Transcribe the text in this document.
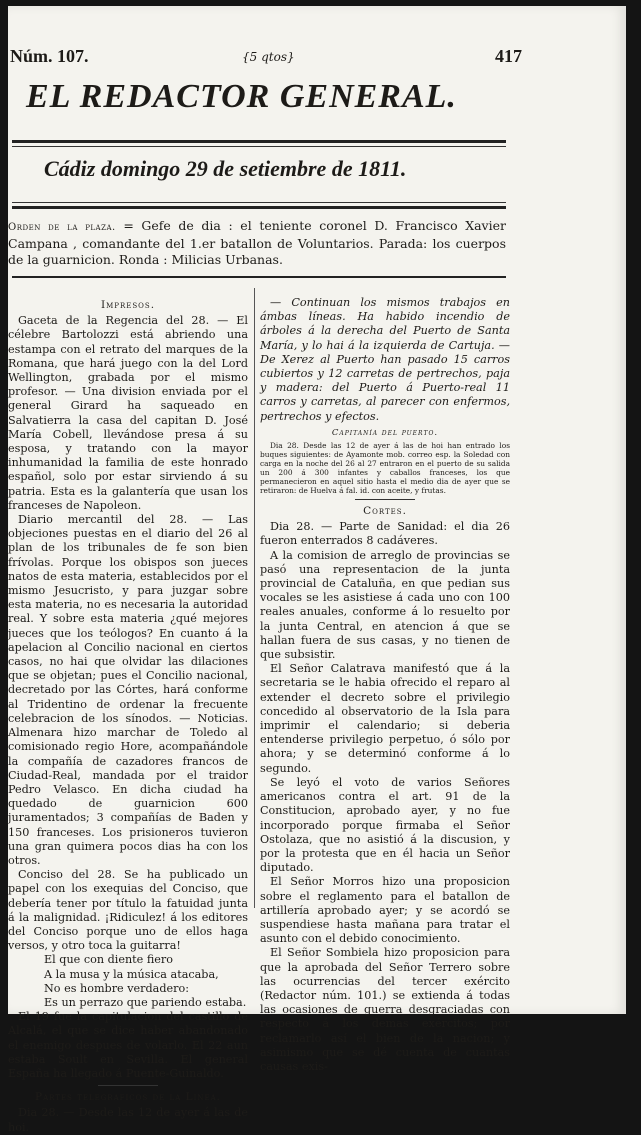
Núm. 107.	{5 qtos}	417
EL REDACTOR GENERAL.
Cádiz domingo 29 de setiembre de 1811.
Orden de la plaza. = Gefe de dia : el teniente coronel D. Francisco Xavier Campana , comandante del 1.er batallon de Voluntarios. Parada: los cuerpos de la guarnicion. Ronda : Milicias Urbanas.
Impresos.

Gaceta de la Regencia del 28. — El célebre Bartolozzi está abriendo una estampa con el retrato del marques de la Romana, que hará juego con la del Lord Wellington, grabada por el mismo profesor. — Una division enviada por el general Girard ha saqueado en Salvatierra la casa del capitan D. José María Cobell, llevándose presa á su esposa, y tratando con la mayor inhumanidad la familia de este honrado español, solo por estar sirviendo á su patria. Esta es la galantería que usan los franceses de Napoleon.

Diario mercantil del 28. — Las objeciones puestas en el diario del 26 al plan de los tribunales de fe son bien frívolas. Porque los obispos son jueces natos de esta materia, establecidos por el mismo Jesucristo, y para juzgar sobre esta materia, no es necesaria la autoridad real. Y sobre esta materia ¿qué mejores jueces que los teólogos? En cuanto á la apelacion al Concilio nacional en ciertos casos, no hai que olvidar las dilaciones que se objetan; pues el Concilio nacional, decretado por las Córtes, hará conforme al Tridentino de ordenar la frecuente celebracion de los sínodos. — Noticias. Almenara hizo marchar de Toledo al comisionado regio Hore, acompañándole la compañía de cazadores francos de Ciudad-Real, mandada por el traidor Pedro Velasco. En dicha ciudad ha quedado de guarnicion 600 juramentados; 3 compañías de Baden y 150 franceses. Los prisioneros tuvieron una gran quimera pocos dias ha con los otros.

Conciso del 28. Se ha publicado un papel con los exequias del Conciso, que debería tener por título la fatuidad junta á la malignidad. ¡Ridiculez! á los editores del Conciso porque uno de ellos haga versos, y otro toca la guitarra!

El que con diente fiero

A la musa y la música atacaba,

No es hombre verdadero:

Es un perrazo que pariendo estaba.

El 19 fue la capitulacion del castillo de Alcalá, el que se dice haber abandonado el enemigo despues de volarlo. El 22 aun estaba Soult en Sevilla. El general España ha llegado á Puente-Guinaldo.

Partes telegraficos de la Linea.

Dia 28. — Desde las 12 de ayer á las de hoi.

— Continuan los mismos trabajos en ámbas líneas. Ha habido incendio de árboles á la derecha del Puerto de Santa María, y lo hai á la izquierda de Cartuja. — De Xerez al Puerto han pasado 15 carros cubiertos y 12 carretas de pertrechos, paja y madera: del Puerto á Puerto-real 11 carros y carretas, al parecer con enfermos, pertrechos y efectos.

Capitanía del puerto.

Dia 28. Desde las 12 de ayer á las de hoi han entrado los buques siguientes: de Ayamonte mob. correo esp. la Soledad con carga en la noche del 26 al 27 entraron en el puerto de su salida un 200 á 300 infantes y caballos franceses, los que permanecieron en aquel sitio hasta el medio dia de ayer que se retiraron: de Huelva á fal. id. con aceite, y frutas.

Cortes.

Dia 28. — Parte de Sanidad: el dia 26 fueron enterrados 8 cadáveres.

A la comision de arreglo de provincias se pasó una representacion de la junta provincial de Cataluña, en que pedian sus vocales se les asistiese á cada uno con 100 reales anuales, conforme á lo resuelto por la junta Central, en atencion á que se hallan fuera de sus casas, y no tienen de que subsistir.

El Señor Calatrava manifestó que á la secretaria se le habia ofrecido el reparo al extender el decreto sobre el privilegio concedido al observatorio de la Isla para imprimir el calendario; si deberia entenderse privilegio perpetuo, ó sólo por ahora; y se determinó conforme á lo segundo.

Se leyó el voto de varios Señores americanos contra el art. 91 de la Constitucion, aprobado ayer, y no fue incorporado porque firmaba el Señor Ostolaza, que no asistió á la discusion, y por la protesta que en él hacia un Señor diputado.

El Señor Morros hizo una proposicion sobre el reglamento para el batallon de artillería aprobado ayer; y se acordó se suspendiese hasta mañana para tratar el asunto con el debido conocimiento.

El Señor Sombiela hizo proposicion para que la aprobada del Señor Terrero sobre las ocurrencias del tercer exército (Redactor núm. 101.) se extienda á todas las ocasiones de guerra desgraciadas con respecto á los demas exércitos; por reclamarlo así el bien de la nacion; y asimismo que se dé cuenta de cuantas causas exis-
